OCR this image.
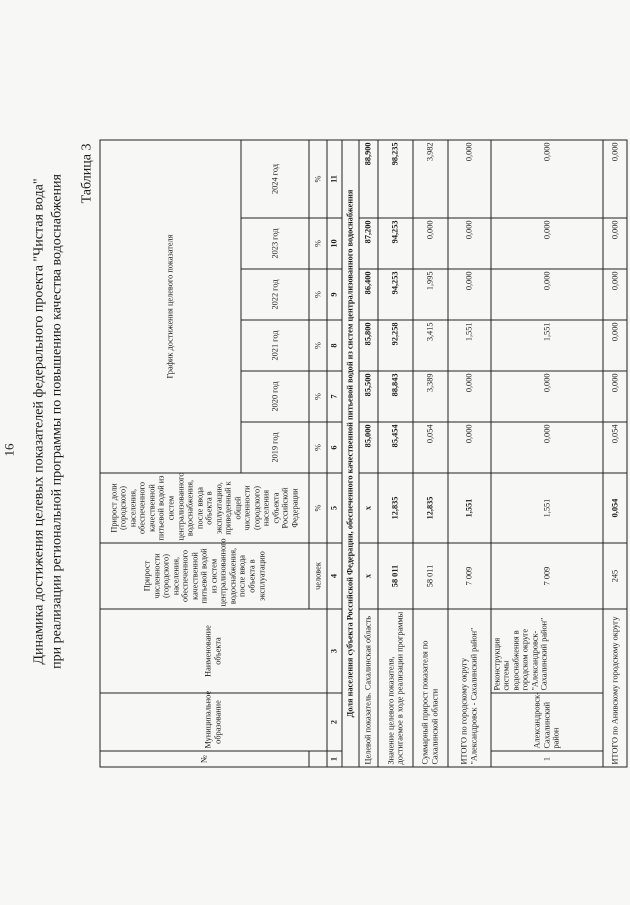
16 Динамика достижения целевых показателей федерального проекта "Чистая вода" при реализации региональной программы по повышению качества водоснабжения
Таблица 3
№	Муниципальное образование	Наименование объекта	Прирост численности (городского) населения, обеспеченного качественной питьевой водой из систем централизованного водоснабжения, после ввода объекта в эксплуатацию	Прирост доли (городского) населения, обеспеченного качественной питьевой водой из систем централизованного водоснабжения, после ввода объекта в эксплуатацию, приведенный к общей численности (городского) населения субъекта Российской Федерации	График достижения целевого показателя					
					2019 год	2020 год	2021 год	2022 год	2023 год	2024 год
			человек	%	%	%	%	%	%	%
1	2	3	4	5	6	7	8	9	10	11
Доля населения субъекта Российской Федерации, обеспеченного качественной питьевой водой из систем централизованного водоснабжения										
Целевой показатель. Сахалинская область			x	x	85,000	85,500	85,800	86,400	87,200	88,900
Значение целевого показателя, достигаемое в ходе реализации программы			58 011	12,835	85,454	88,843	92,258	94,253	94,253	98,235
Суммарный прирост показателя по Сахалинской области			58 011	12,835	0,054	3,389	3,415	1,995	0,000	3,982
ИТОГО по городскому округу "Александровск - Сахалинский район"			7 009	1,551	0,000	0,000	1,551	0,000	0,000	0,000
1	Александровск-Сахалинский район	Реконструкция системы водоснабжения в городском округе "Александровск-Сахалинский район"	7 009	1,551	0,000	0,000	1,551	0,000	0,000	0,000
ИТОГО по Анивскому городскому округу			245	0,054	0,054	0,000	0,000	0,000	0,000	0,000
